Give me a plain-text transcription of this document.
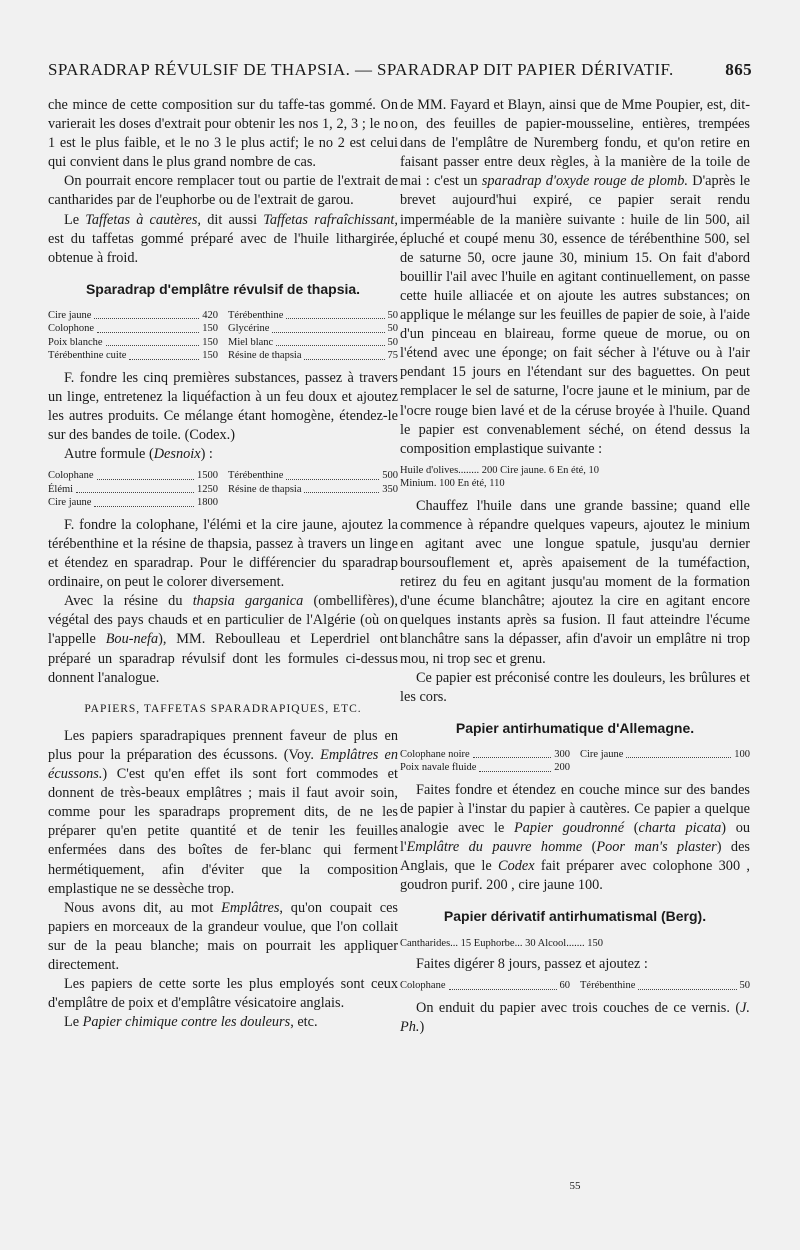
SPARADRAP RÉVULSIF DE THAPSIA. — SPARADRAP DIT PAPIER DÉRIVATIF.	865

che mince de cette composition sur du taffe-tas gommé. On varierait les doses d'extrait pour obtenir les nos 1, 2, 3 ; le no 1 est le plus faible, et le no 3 le plus actif; le no 2 est celui qui convient dans le plus grand nombre de cas.

On pourrait encore remplacer tout ou partie de l'extrait de cantharides par de l'euphorbe ou de l'extrait de garou.

Le Taffetas à cautères, dit aussi Taffetas rafraîchissant, est du taffetas gommé préparé avec de l'huile lithargirée, obtenue à froid.

Sparadrap d'emplâtre révulsif de thapsia.
Cire jaune	420 Térébenthine	50
Colophone	150 Glycérine	50
Poix blanche	150 Miel blanc	50
Térébenthine cuite	150 Résine de thapsia	75

F. fondre les cinq premières substances, passez à travers un linge, entretenez la liquéfaction à un feu doux et ajoutez les autres produits. Ce mélange étant homogène, étendez-le sur des bandes de toile. (Codex.)

Autre formule (Desnoix) :

Colophane	1500 Térébenthine	500
Élémi	1250 Résine de thapsia	350
Cire jaune	1800

F. fondre la colophane, l'élémi et la cire jaune, ajoutez la térébenthine et la résine de thapsia, passez à travers un linge et étendez en sparadrap. Pour le différencier du sparadrap ordinaire, on peut le colorer diversement.

Avec la résine du thapsia garganica (ombellifères), végétal des pays chauds et en particulier de l'Algérie (où on l'appelle Bou-nefa), MM. Reboulleau et Leperdriel ont préparé un sparadrap révulsif dont les formules ci-dessus donnent l'analogue.

PAPIERS, TAFFETAS SPARADRAPIQUES, ETC.

Les papiers sparadrapiques prennent faveur de plus en plus pour la préparation des écussons. (Voy. Emplâtres en écussons.) C'est qu'en effet ils sont fort commodes et donnent de très-beaux emplâtres ; mais il faut avoir soin, comme pour les sparadraps proprement dits, de ne les préparer qu'en petite quantité et de tenir les feuilles enfermées dans des boîtes de fer-blanc qui ferment hermétiquement, afin d'éviter que la composition emplastique ne se dessèche trop.

Nous avons dit, au mot Emplâtres, qu'on coupait ces papiers en morceaux de la grandeur voulue, que l'on collait sur de la peau blanche; mais on pourrait les appliquer directement.

Les papiers de cette sorte les plus employés sont ceux d'emplâtre de poix et d'emplâtre vésicatoire anglais.

Le Papier chimique contre les douleurs, etc.

de MM. Fayard et Blayn, ainsi que de Mme Poupier, est, dit-on, des feuilles de papier-mousseline, entières, trempées dans de l'emplâtre de Nuremberg fondu, et qu'on retire en faisant passer entre deux règles, à la manière de la toile de mai : c'est un sparadrap d'oxyde rouge de plomb. D'après le brevet aujourd'hui expiré, ce papier serait rendu imperméable de la manière suivante : huile de lin 500, ail épluché et coupé menu 30, essence de térébenthine 500, sel de saturne 50, ocre jaune 30, minium 15. On fait d'abord bouillir l'ail avec l'huile en agitant continuellement, on passe cette huile alliacée et on ajoute les autres substances; on applique le mélange sur les feuilles de papier de soie, à l'aide d'un pinceau en blaireau, forme queue de morue, ou on l'étend avec une éponge; on fait sécher à l'étuve ou à l'air pendant 15 jours en l'étendant sur des baguettes. On peut remplacer le sel de saturne, l'ocre jaune et le minium, par de l'ocre rouge bien lavé et de la céruse broyée à l'huile. Quand le papier est convenablement séché, on étend dessus la composition emplastique suivante :

Huile d'olives........ 200 Cire jaune. 6 En été, 10
Minium. 100 En été, 110

Chauffez l'huile dans une grande bassine; quand elle commence à répandre quelques vapeurs, ajoutez le minium en agitant avec une longue spatule, jusqu'au dernier boursouflement et, après apaisement de la tuméfaction, retirez du feu en agitant jusqu'au moment de la formation d'une écume blanchâtre; ajoutez la cire en agitant encore quelques instants après sa fusion. Il faut atteindre l'écume blanchâtre sans la dépasser, afin d'avoir un emplâtre ni trop mou, ni trop sec et grenu.

Ce papier est préconisé contre les douleurs, les brûlures et les cors.

Papier antirhumatique d'Allemagne.
Colophane noire	300 Cire jaune	100
Poix navale fluide	200

Faites fondre et étendez en couche mince sur des bandes de papier à l'instar du papier à cautères. Ce papier a quelque analogie avec le Papier goudronné (charta picata) ou l'Emplâtre du pauvre homme (Poor man's plaster) des Anglais, que le Codex fait préparer avec colophone 300 , goudron purif. 200 , cire jaune 100.

Papier dérivatif antirhumatismal (Berg).
Cantharides... 15 Euphorbe... 30 Alcool....... 150

Faites digérer 8 jours, passez et ajoutez :

Colophane	60 Térébenthine	50

On enduit du papier avec trois couches de ce vernis. (J. Ph.)

55
